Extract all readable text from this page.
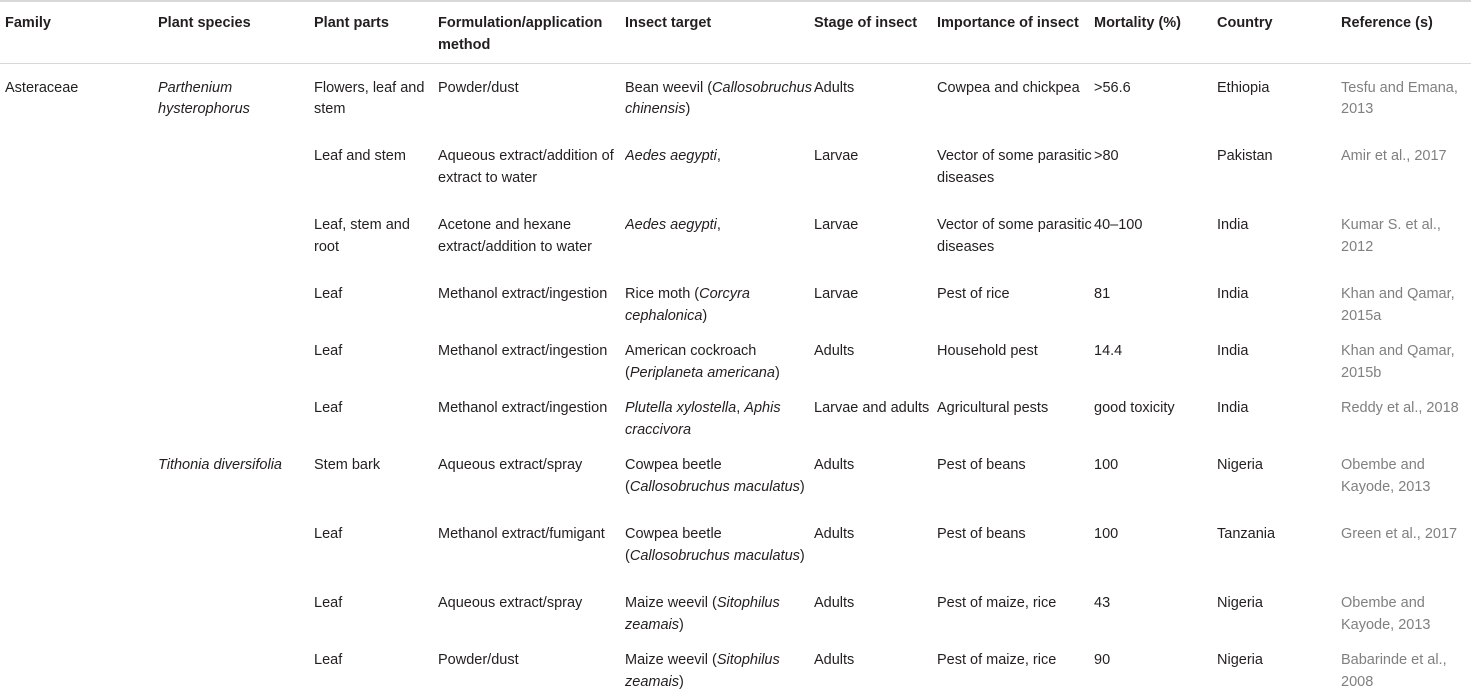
Family	Plant species	Plant parts	Formulation/application method	Insect target	Stage of insect	Importance of insect	Mortality (%)	Country	Reference (s)
Asteraceae	Parthenium hysterophorus	Flowers, leaf and stem	Powder/dust	Bean weevil (Callosobruchus chinensis)	Adults	Cowpea and chickpea	>56.6	Ethiopia	Tesfu and Emana, 2013
		Leaf and stem	Aqueous extract/addition of extract to water	Aedes aegypti,	Larvae	Vector of some parasitic diseases	>80	Pakistan	Amir et al., 2017
		Leaf, stem and root	Acetone and hexane extract/addition to water	Aedes aegypti,	Larvae	Vector of some parasitic diseases	40–100	India	Kumar S. et al., 2012
		Leaf	Methanol extract/ingestion	Rice moth (Corcyra cephalonica)	Larvae	Pest of rice	81	India	Khan and Qamar, 2015a
		Leaf	Methanol extract/ingestion	American cockroach (Periplaneta americana)	Adults	Household pest	14.4	India	Khan and Qamar, 2015b
		Leaf	Methanol extract/ingestion	Plutella xylostella, Aphis craccivora	Larvae and adults	Agricultural pests	good toxicity	India	Reddy et al., 2018
	Tithonia diversifolia	Stem bark	Aqueous extract/spray	Cowpea beetle (Callosobruchus maculatus)	Adults	Pest of beans	100	Nigeria	Obembe and Kayode, 2013
		Leaf	Methanol extract/fumigant	Cowpea beetle (Callosobruchus maculatus)	Adults	Pest of beans	100	Tanzania	Green et al., 2017
		Leaf	Aqueous extract/spray	Maize weevil (Sitophilus zeamais)	Adults	Pest of maize, rice	43	Nigeria	Obembe and Kayode, 2013
		Leaf	Powder/dust	Maize weevil (Sitophilus zeamais)	Adults	Pest of maize, rice	90	Nigeria	Babarinde et al., 2008
